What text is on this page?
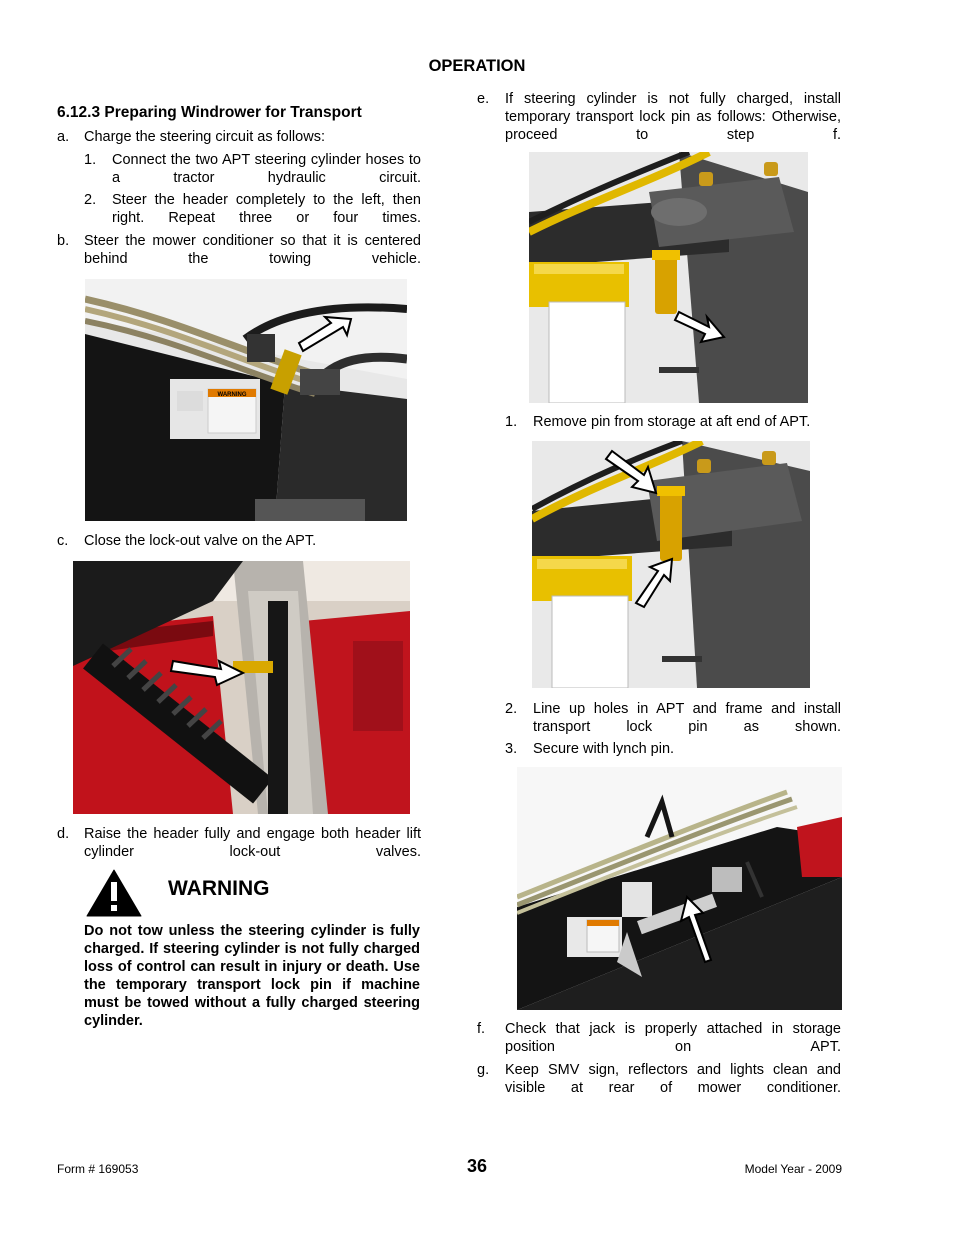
OPERATION
6.12.3 Preparing Windrower for Transport
a. Charge the steering circuit as follows:
1. Connect the two APT steering cylinder hoses to a tractor hydraulic circuit.
2. Steer the header completely to the left, then right. Repeat three or four times.
b. Steer the mower conditioner so that it is centered behind the towing vehicle.
WARNING
c. Close the lock-out valve on the APT.
d. Raise the header fully and engage both header lift cylinder lock-out valves.
WARNING
Do not tow unless the steering cylinder is fully charged. If steering cylinder is not fully charged loss of control can result in injury or death. Use the temporary transport lock pin if machine must be towed without a fully charged steering cylinder.
e. If steering cylinder is not fully charged, install temporary transport lock pin as follows: Otherwise, proceed to step f.
1. Remove pin from storage at aft end of APT.
2. Line up holes in APT and frame and install transport lock pin as shown.
3. Secure with lynch pin.
f. Check that jack is properly attached in storage position on APT.
g. Keep SMV sign, reflectors and lights clean and visible at rear of mower conditioner.
Form # 169053	36	Model Year - 2009
